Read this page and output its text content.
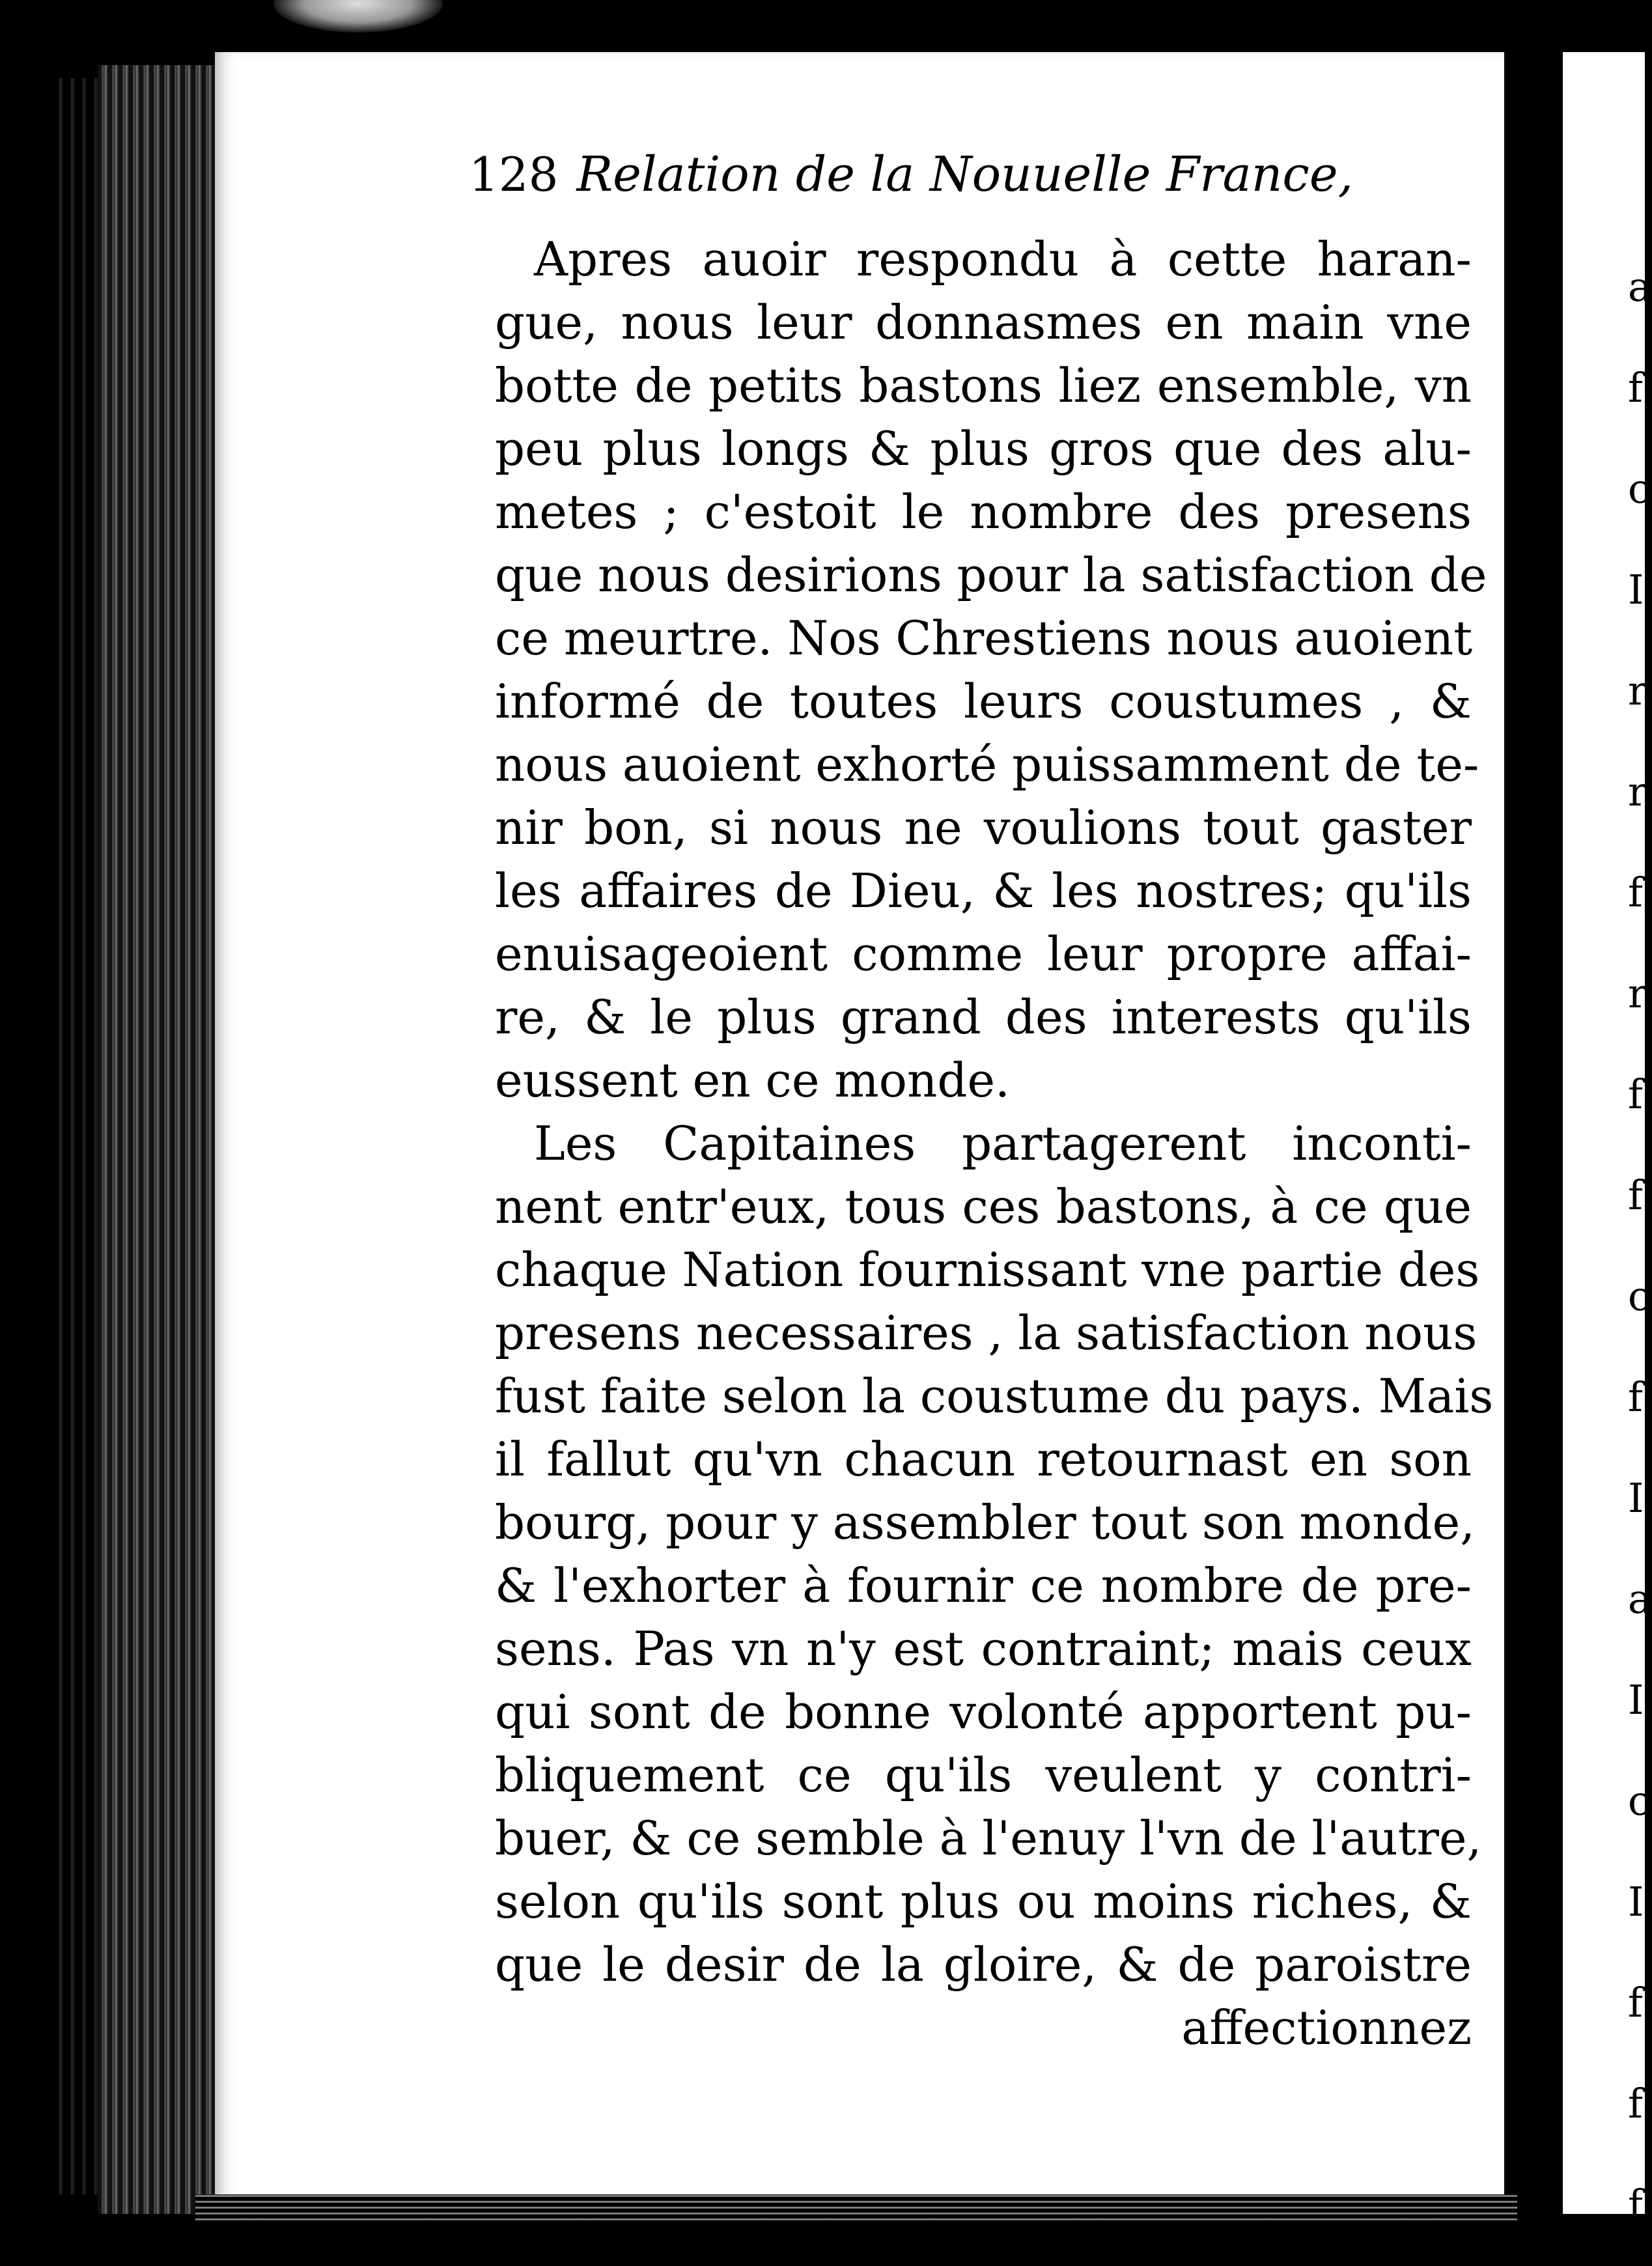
a
f
c
I
r
r
f
r
f
f
c
f
I
a
I
c
I
f
f
f
128 Relation de la Nouuelle France,
Apres auoir respondu à cette haran-
gue, nous leur donnasmes en main vne
botte de petits bastons liez ensemble, vn
peu plus longs & plus gros que des alu-
metes ; c'estoit le nombre des presens
que nous desirions pour la satisfaction de
ce meurtre. Nos Chrestiens nous auoient
informé de toutes leurs coustumes , &
nous auoient exhorté puissamment de te-
nir bon, si nous ne voulions tout gaster
les affaires de Dieu, & les nostres; qu'ils
enuisageoient comme leur propre affai-
re, & le plus grand des interests qu'ils
eussent en ce monde.
Les Capitaines partagerent inconti-
nent entr'eux, tous ces bastons, à ce que
chaque Nation fournissant vne partie des
presens necessaires , la satisfaction nous
fust faite selon la coustume du pays. Mais
il fallut qu'vn chacun retournast en son
bourg, pour y assembler tout son monde,
& l'exhorter à fournir ce nombre de pre-
sens. Pas vn n'y est contraint; mais ceux
qui sont de bonne volonté apportent pu-
bliquement ce qu'ils veulent y contri-
buer, & ce semble à l'enuy l'vn de l'autre,
selon qu'ils sont plus ou moins riches, &
que le desir de la gloire, & de paroistre
affectionnez
